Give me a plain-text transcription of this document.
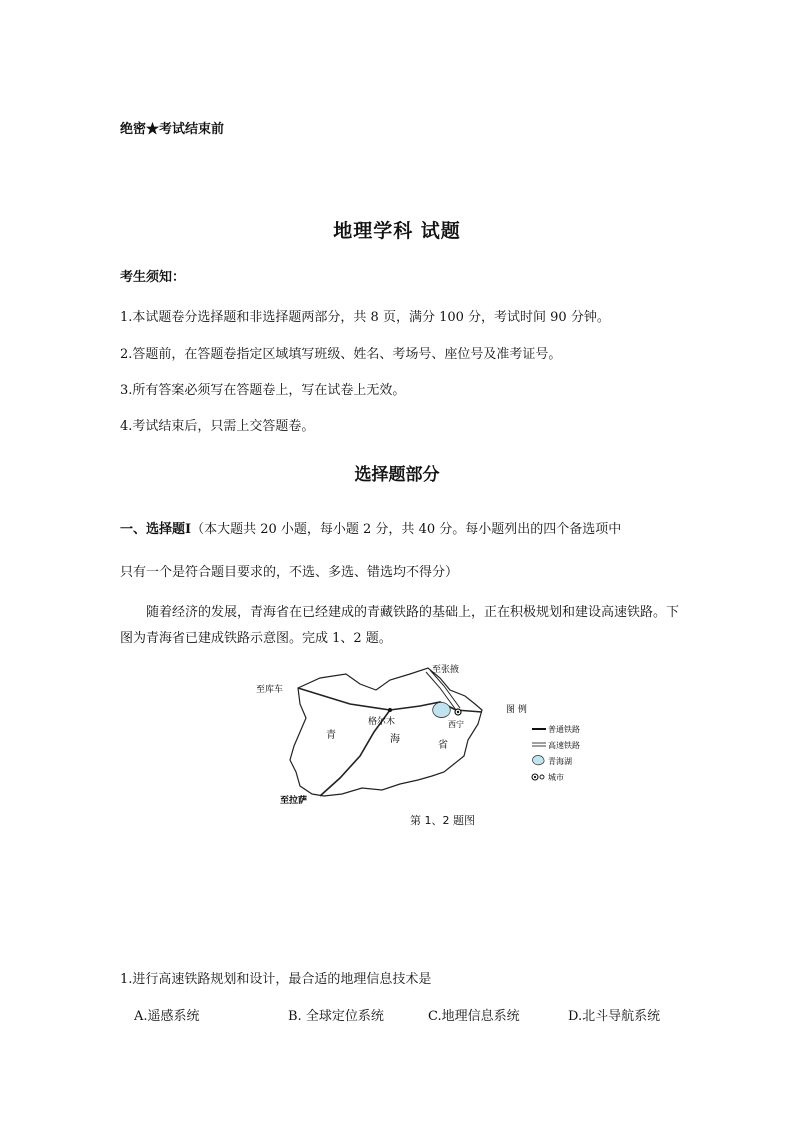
绝密★考试结束前
地理学科 试题
考生须知：
1.本试题卷分选择题和非选择题两部分，共 8 页，满分 100 分，考试时间 90 分钟。
2.答题前，在答题卷指定区域填写班级、姓名、考场号、座位号及准考证号。
3.所有答案必须写在答题卷上，写在试卷上无效。
4.考试结束后，只需上交答题卷。
选择题部分
一、选择题Ⅰ（本大题共 20 小题，每小题 2 分，共 40 分。每小题列出的四个备选项中
只有一个是符合题目要求的，不选、多选、错选均不得分）
随着经济的发展，青海省在已经建成的青藏铁路的基础上，正在积极规划和建设高速铁路。下图为青海省已建成铁路示意图。完成 1、2 题。
至张掖
至库车
格尔木	西宁
至拉萨
青	海
省
图 例
普通铁路
高速铁路
青海湖
城市
第 1、2 题图
1.进行高速铁路规划和设计，最合适的地理信息技术是
A.遥感系统	B. 全球定位系统	C.地理信息系统	D.北斗导航系统
